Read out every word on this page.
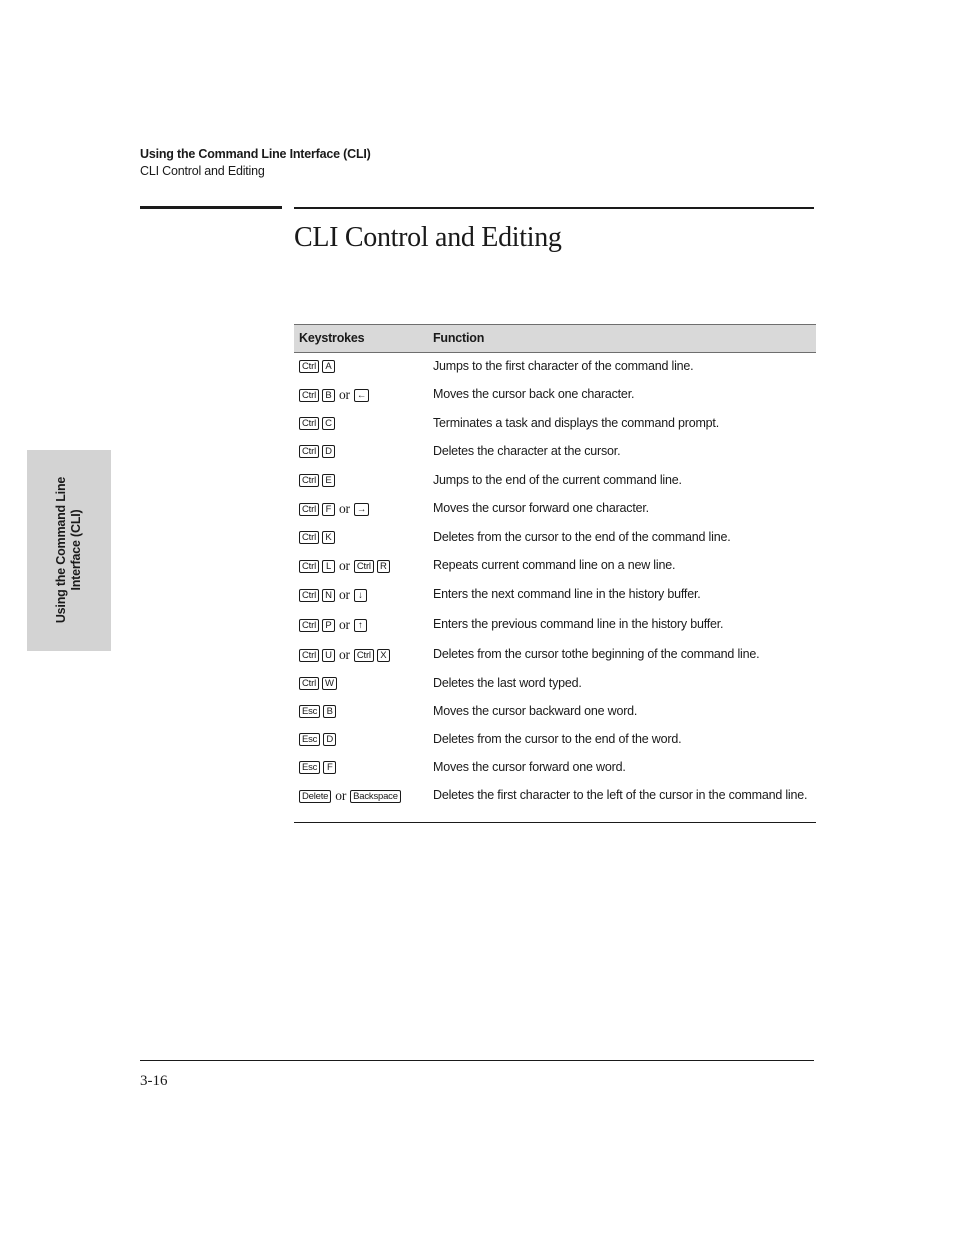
Using the Command Line Interface (CLI)
CLI Control and Editing
CLI Control and Editing
Using the Command Line Interface (CLI)
Keystrokes	Function
Ctrl A	Jumps to the first character of the command line.
Ctrl B or ←	Moves the cursor back one character.
Ctrl C	Terminates a task and displays the command prompt.
Ctrl D	Deletes the character at the cursor.
Ctrl E	Jumps to the end of the current command line.
Ctrl F or →	Moves the cursor forward one character.
Ctrl K	Deletes from the cursor to the end of the command line.
Ctrl L or Ctrl R	Repeats current command line on a new line.
Ctrl N or ↓	Enters the next command line in the history buffer.
Ctrl P or ↑	Enters the previous command line in the history buffer.
Ctrl U or Ctrl X	Deletes from the cursor tothe beginning of the command line.
Ctrl W	Deletes the last word typed.
Esc B	Moves the cursor backward one word.
Esc D	Deletes from the cursor to the end of the word.
Esc F	Moves the cursor forward one word.
Delete or Backspace	Deletes the first character to the left of the cursor in the command line.
3-16
